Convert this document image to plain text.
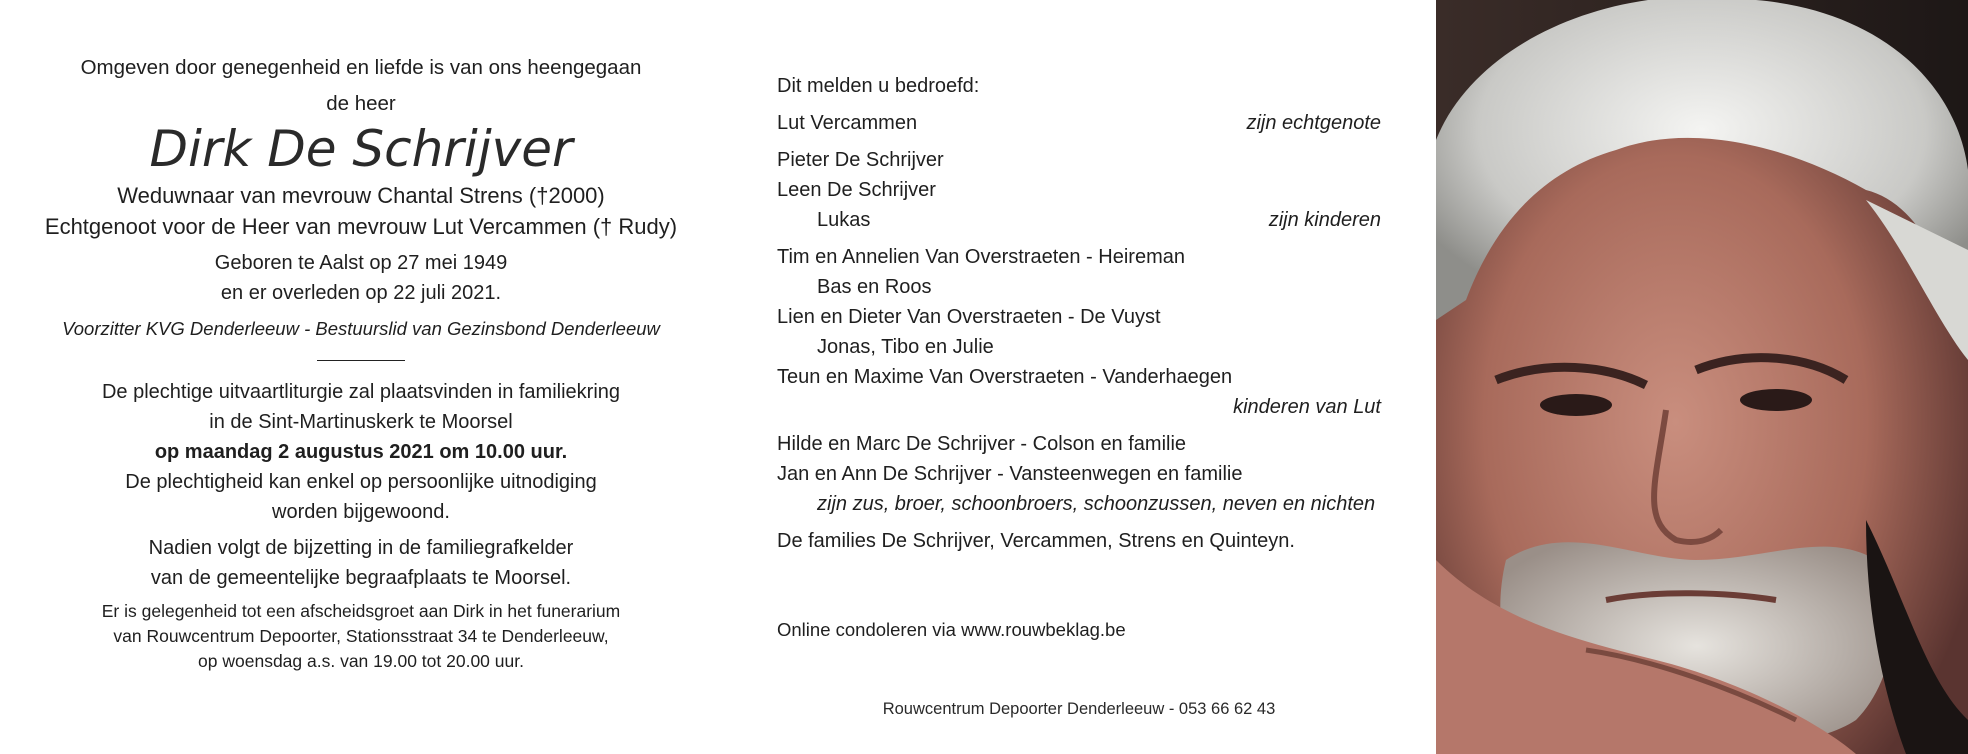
Omgeven door genegenheid en liefde is van ons heengegaan
de heer
Dirk De Schrijver
Weduwnaar van mevrouw Chantal Strens (†2000)
Echtgenoot voor de Heer van mevrouw Lut Vercammen († Rudy)
Geboren te Aalst op 27 mei 1949
en er overleden op 22 juli 2021.
Voorzitter KVG Denderleeuw - Bestuurslid van Gezinsbond Denderleeuw
De plechtige uitvaartliturgie zal plaatsvinden in familiekring
in de Sint-Martinuskerk te Moorsel
op maandag 2 augustus 2021 om 10.00 uur.
De plechtigheid kan enkel op persoonlijke uitnodiging
worden bijgewoond.
Nadien volgt de bijzetting in de familiegrafkelder
van de gemeentelijke begraafplaats te Moorsel.
Er is gelegenheid tot een afscheidsgroet aan Dirk in het funerarium
van Rouwcentrum Depoorter, Stationsstraat 34 te Denderleeuw,
op woensdag a.s. van 19.00 tot 20.00 uur.
Dit melden u bedroefd:
Lut Vercammen	zijn echtgenote
Pieter De Schrijver
Leen De Schrijver
Lukas	zijn kinderen
Tim en Annelien Van Overstraeten - Heireman
Bas en Roos
Lien en Dieter Van Overstraeten - De Vuyst
Jonas, Tibo en Julie
Teun en Maxime Van Overstraeten - Vanderhaegen
kinderen van Lut
Hilde en Marc De Schrijver - Colson en familie
Jan en Ann De Schrijver - Vansteenwegen en familie
zijn zus, broer, schoonbroers, schoonzussen, neven en nichten
De families De Schrijver, Vercammen, Strens en Quinteyn.
Online condoleren via www.rouwbeklag.be
Rouwcentrum Depoorter Denderleeuw - 053 66 62 43
